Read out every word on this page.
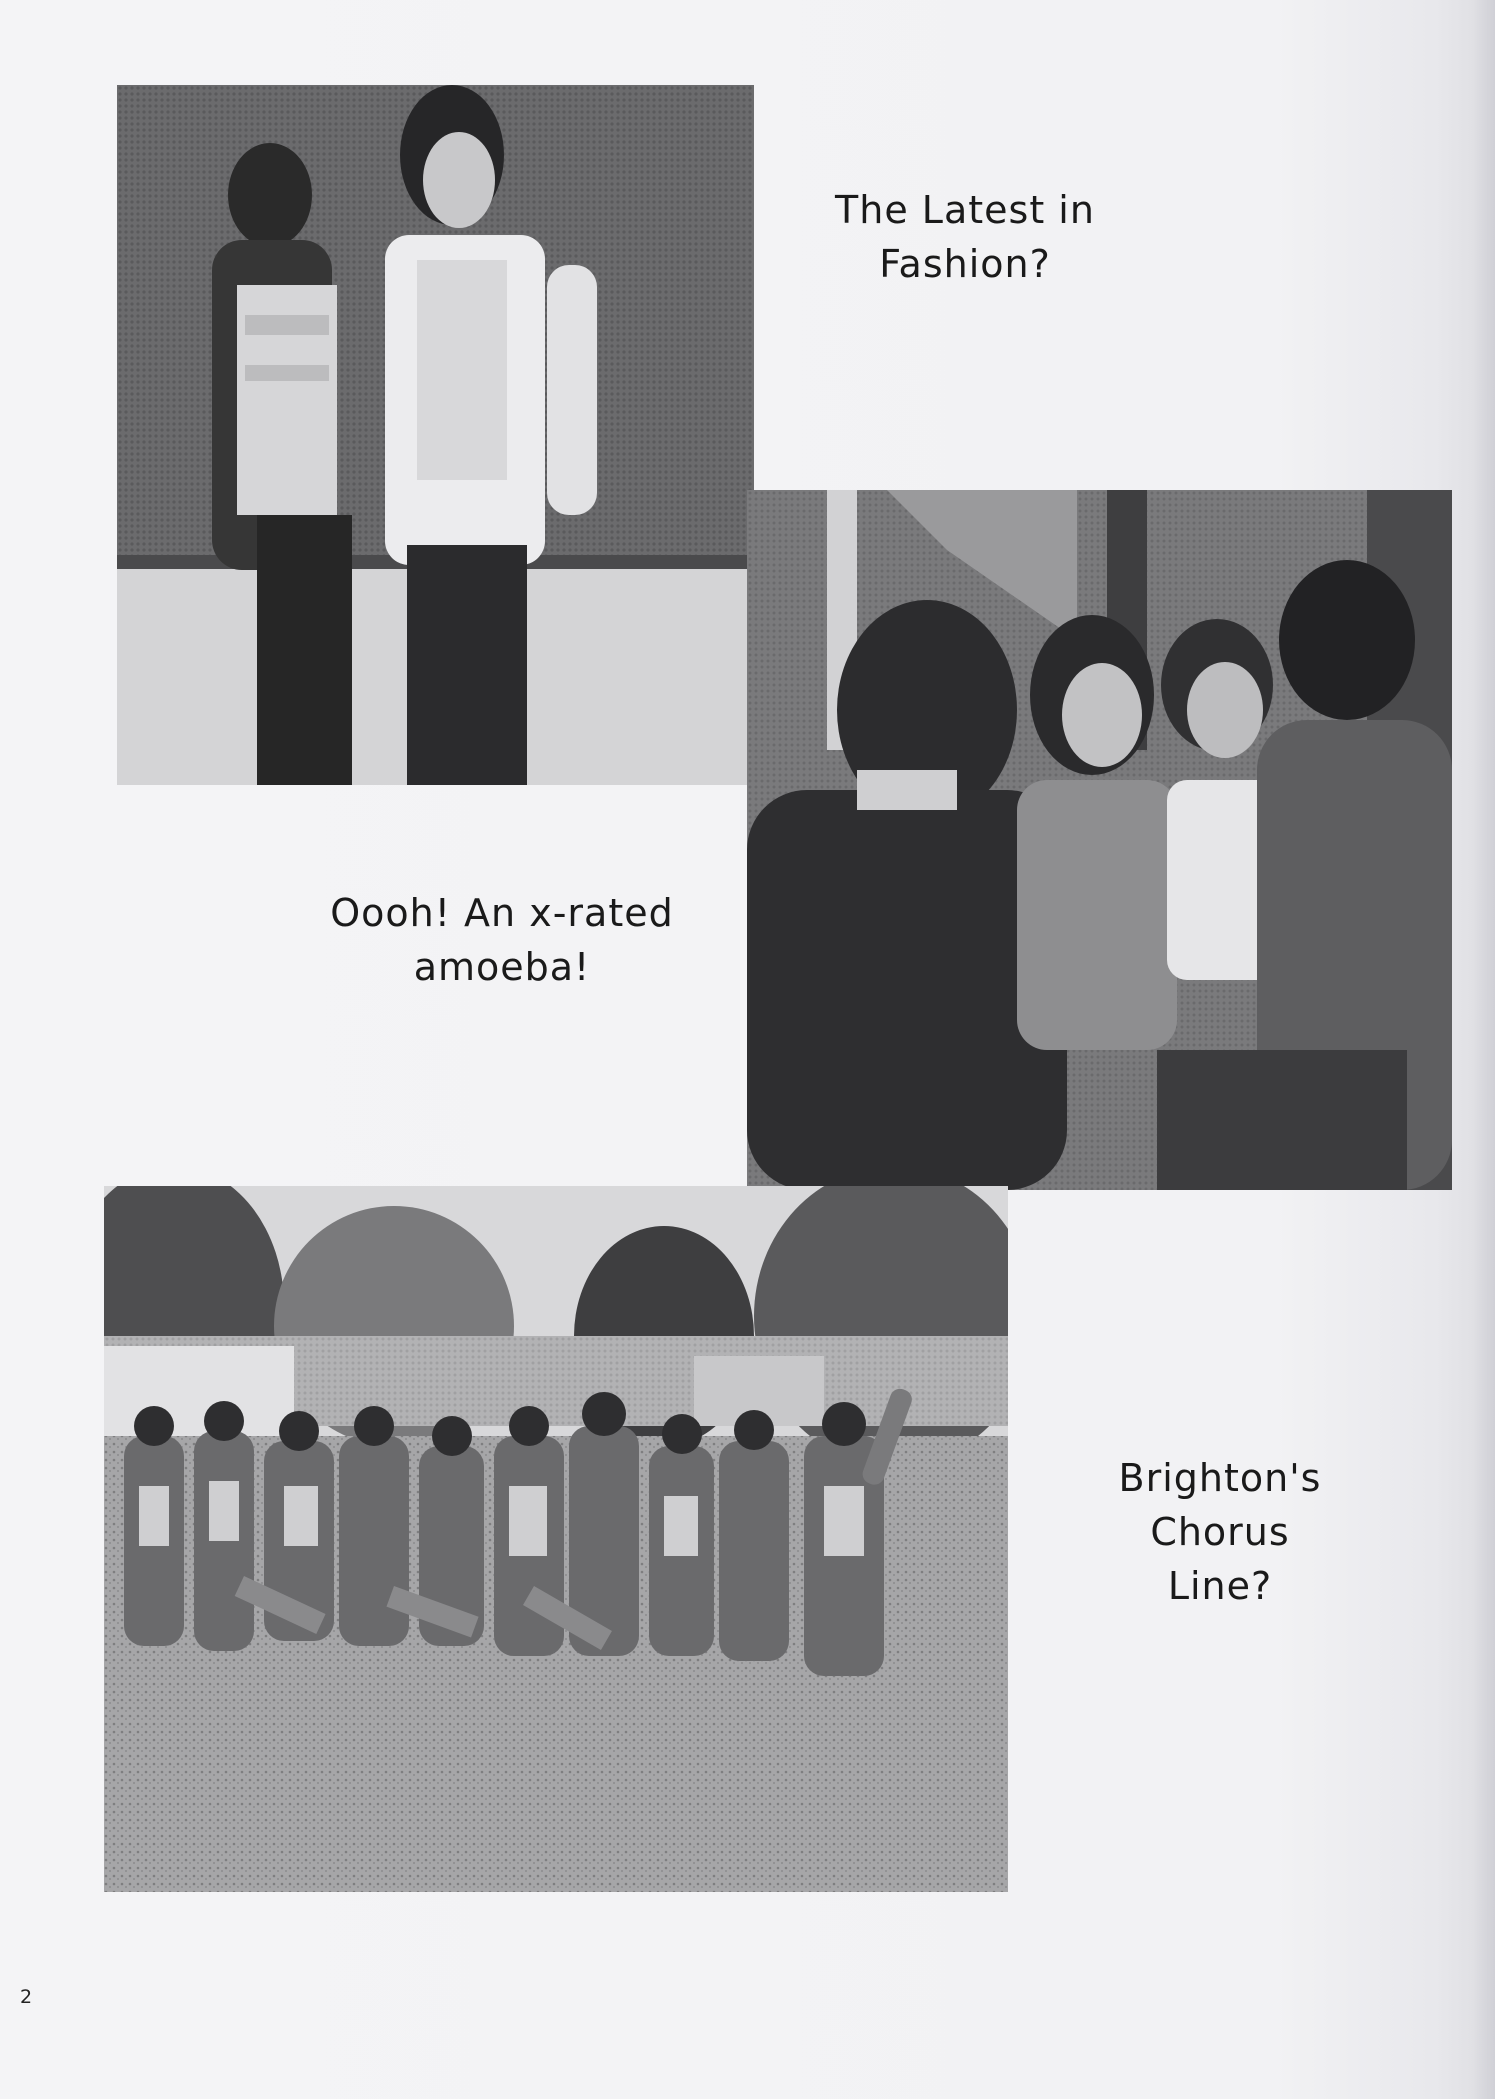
The Latest in
Fashion?

Oooh! An x-rated
amoeba!

Brighton's
Chorus
Line?

2
